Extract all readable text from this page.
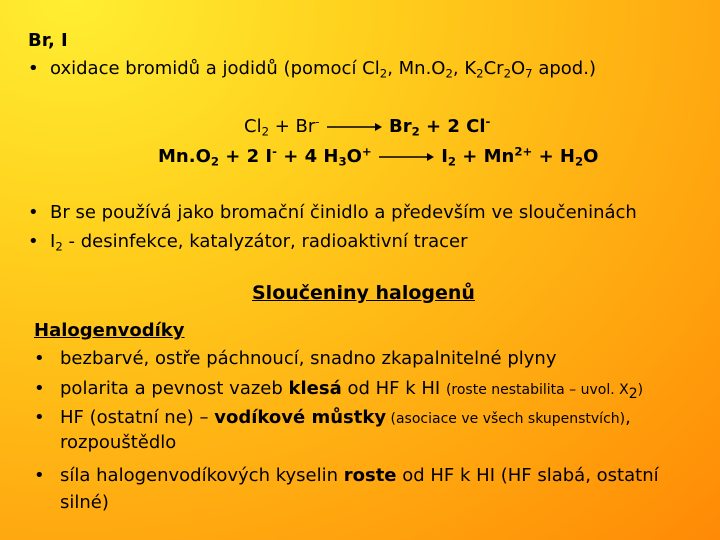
Br, I
• oxidace bromidů a jodidů (pomocí $Cl_2$, $Mn.O_2$, $K_2Cr_2O_7$ apod.)
$Cl_2 + Br^- \to Br_2 + 2$ Cl-
$Mn.O_2 + 2$ I- + 4 $H_3O^+ \to I_2 + Mn^{2+} + H_2O$
• Br se používá jako bromační činidlo a především ve sloučeninách
• $I_2$ - desinfekce, katalyzátor, radioaktivní tracer
Sloučeniny halogenů
Halogenvodíky
• bezbarvé, ostře páchnoucí, snadno zkapalnitelné plyny
• polarita a pevnost vazeb klesá od HF k HI (roste nestabilita – uvol. $X_2$)
• HF (ostatní ne) – vodíkové můstky (asociace ve všech skupenstvích),
rozpouštědlo
• síla halogenvodíkových kyselin roste od HF k HI (HF slabá, ostatní
silné)
